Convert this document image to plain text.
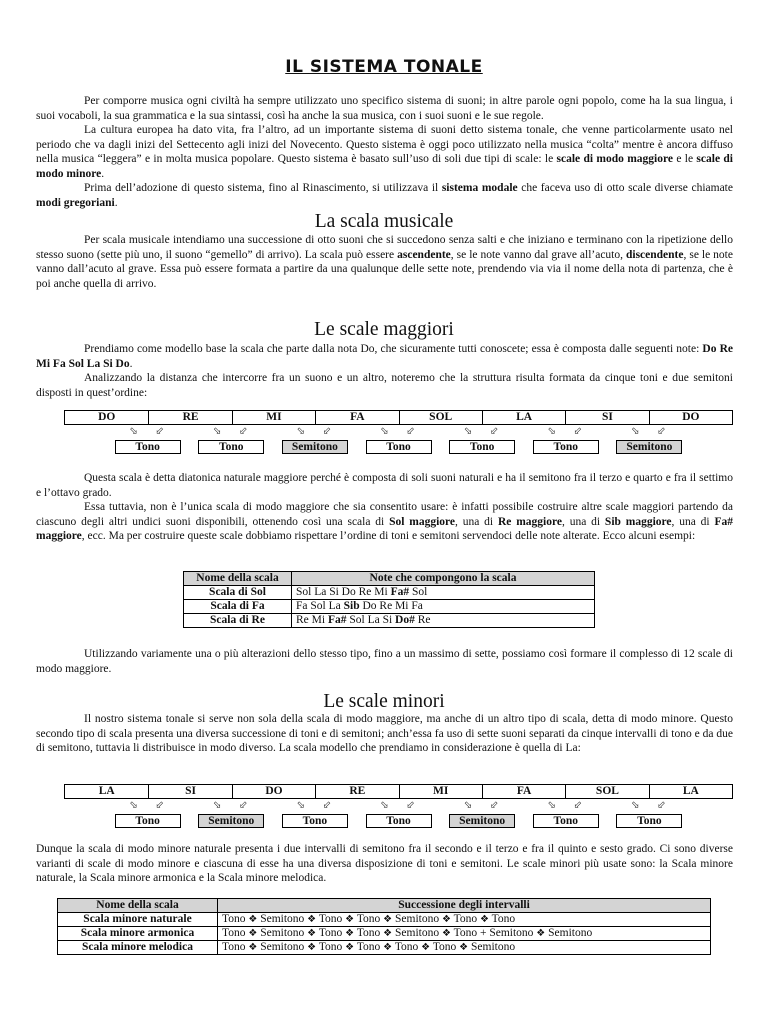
IL SISTEMA TONALE

Per comporre musica ogni civiltà ha sempre utilizzato uno specifico sistema di suoni; in altre parole ogni popolo, come ha la sua lingua, i suoi vocaboli, la sua grammatica e la sua sintassi, così ha anche la sua musica, con i suoi suoni e le sue regole.

La cultura europea ha dato vita, fra l’altro, ad un importante sistema di suoni detto sistema tonale, che venne particolarmente usato nel periodo che va dagli inizi del Settecento agli inizi del Novecento. Questo sistema è oggi poco utilizzato nella musica “colta” mentre è ancora diffuso nella musica “leggera” e in molta musica popolare. Questo sistema è basato sull’uso di soli due tipi di scale: le scale di modo maggiore e le scale di modo minore.

Prima dell’adozione di questo sistema, fino al Rinascimento, si utilizzava il sistema modale che faceva uso di otto scale diverse chiamate modi gregoriani.

La scala musicale

Per scala musicale intendiamo una successione di otto suoni che si succedono senza salti e che iniziano e terminano con la ripetizione dello stesso suono (sette più uno, il suono “gemello” di arrivo). La scala può essere ascendente, se le note vanno dal grave all’acuto, discendente, se le note vanno dall’acuto al grave. Essa può essere formata a partire da una qualunque delle sette note, prendendo via via il nome della nota di partenza, che è poi anche quella di arrivo.

Le scale maggiori

Prendiamo come modello base la scala che parte dalla nota Do, che sicuramente tutti conoscete; essa è composta dalle seguenti note: Do Re Mi Fa Sol La Si Do.

Analizzando la distanza che intercorre fra un suono e un altro, noteremo che la struttura risulta formata da cinque toni e due semitoni disposti in quest’ordine:

DO	RE	MI	FA	SOL	LA	SI	DO
⬂ ⬃
Tono
⬂ ⬃
Tono
⬂ ⬃
Semitono
⬂ ⬃
Tono
⬂ ⬃
Tono
⬂ ⬃
Tono
⬂ ⬃
Semitono

Questa scala è detta diatonica naturale maggiore perché è composta di soli suoni naturali e ha il semitono fra il terzo e quarto e fra il settimo e l’ottavo grado.

Essa tuttavia, non è l’unica scala di modo maggiore che sia consentito usare: è infatti possibile costruire altre scale maggiori partendo da ciascuno degli altri undici suoni disponibili, ottenendo così una scala di Sol maggiore, una di Re maggiore, una di Sib maggiore, una di Fa# maggiore, ecc. Ma per costruire queste scale dobbiamo rispettare l’ordine di toni e semitoni servendoci delle note alterate. Ecco alcuni esempi:

Nome della scala	Note che compongono la scala
Scala di Sol	Sol La Si Do Re Mi Fa# Sol
Scala di Fa	Fa Sol La Sib Do Re Mi Fa
Scala di Re	Re Mi Fa# Sol La Si Do# Re

Utilizzando variamente una o più alterazioni dello stesso tipo, fino a un massimo di sette, possiamo così formare il complesso di 12 scale di modo maggiore.

Le scale minori

Il nostro sistema tonale si serve non sola della scala di modo maggiore, ma anche di un altro tipo di scala, detta di modo minore. Questo secondo tipo di scala presenta una diversa successione di toni e di semitoni; anch’essa fa uso di sette suoni separati da cinque intervalli di tono e da due di semitono, tuttavia li distribuisce in modo diverso. La scala modello che prendiamo in considerazione è quella di La:

LA	SI	DO	RE	MI	FA	SOL	LA
⬂ ⬃
Tono
⬂ ⬃
Semitono
⬂ ⬃
Tono
⬂ ⬃
Tono
⬂ ⬃
Semitono
⬂ ⬃
Tono
⬂ ⬃
Tono

Dunque la scala di modo minore naturale presenta i due intervalli di semitono fra il secondo e il terzo e fra il quinto e sesto grado. Ci sono diverse varianti di scale di modo minore e ciascuna di esse ha una diversa disposizione di toni e semitoni. Le scale minori più usate sono: la Scala minore naturale, la Scala minore armonica e la Scala minore melodica.

Nome della scala	Successione degli intervalli
Scala minore naturale	Tono ❖ Semitono ❖ Tono ❖ Tono ❖ Semitono ❖ Tono ❖ Tono
Scala minore armonica	Tono ❖ Semitono ❖ Tono ❖ Tono ❖ Semitono ❖ Tono + Semitono ❖ Semitono
Scala minore melodica	Tono ❖ Semitono ❖ Tono ❖ Tono ❖ Tono ❖ Tono ❖ Semitono
